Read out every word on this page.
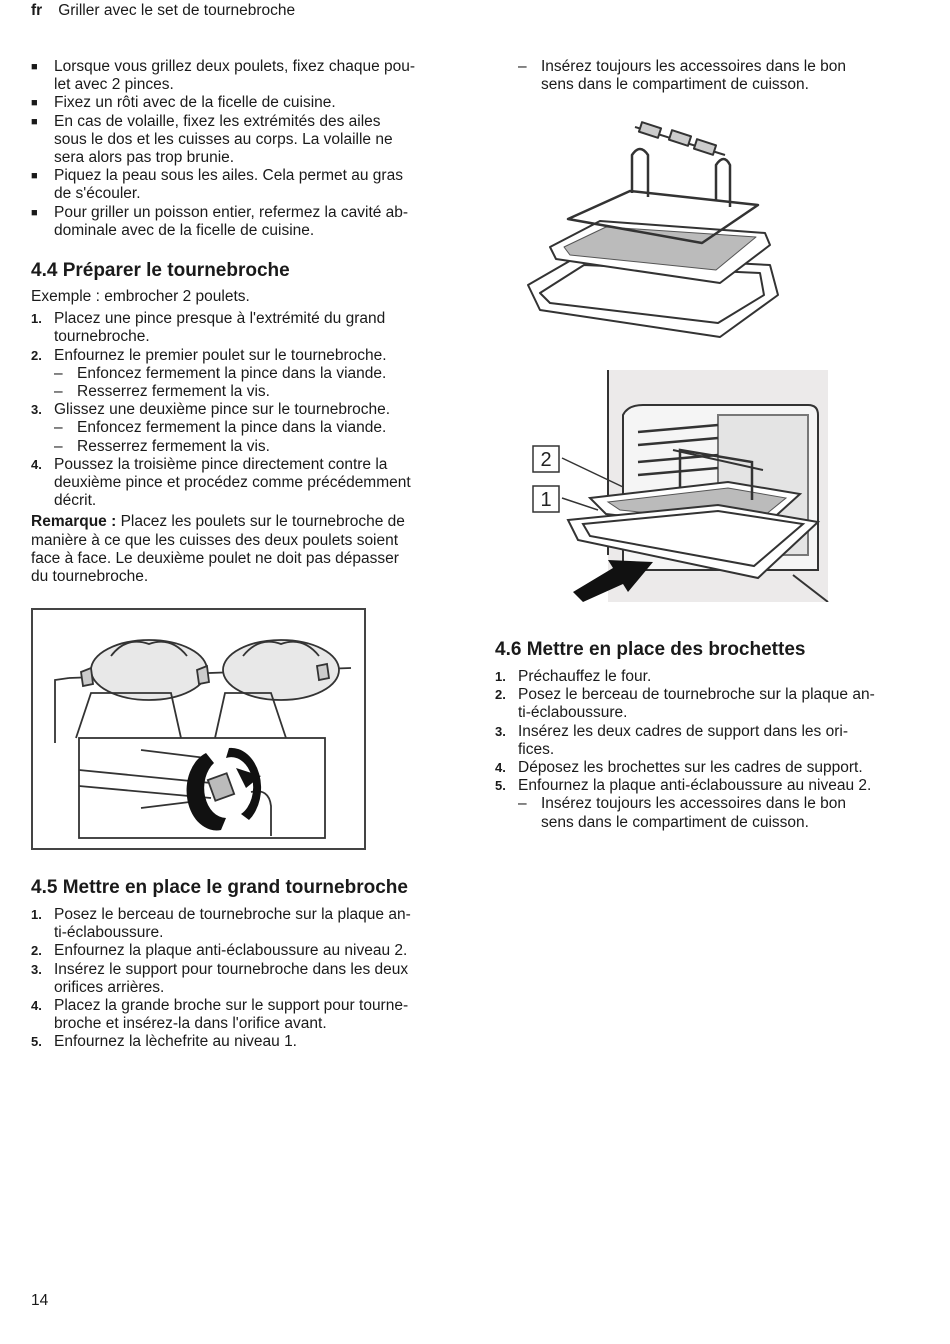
fr Griller avec le set de tournebroche
■	Lorsque vous grillez deux poulets, fixez chaque pou-
let avec 2 pinces.
■	Fixez un rôti avec de la ficelle de cuisine.
■	En cas de volaille, fixez les extrémités des ailes
sous le dos et les cuisses au corps. La volaille ne
sera alors pas trop brunie.
■	Piquez la peau sous les ailes. Cela permet au gras
de s'écouler.
■	Pour griller un poisson entier, refermez la cavité ab-
dominale avec de la ficelle de cuisine.
4.4 Préparer le tournebroche

Exemple : embrocher 2 poulets.

1. Placez une pince presque à l'extrémité du grand
tournebroche.
2. Enfournez le premier poulet sur le tournebroche.
– Enfoncez fermement la pince dans la viande.
– Resserrez fermement la vis.
3. Glissez une deuxième pince sur le tournebroche.
– Enfoncez fermement la pince dans la viande.
– Resserrez fermement la vis.
4. Poussez la troisième pince directement contre la
deuxième pince et procédez comme précédemment
décrit.

Remarque : Placez les poulets sur le tournebroche de
manière à ce que les cuisses des deux poulets soient
face à face. Le deuxième poulet ne doit pas dépasser
du tournebroche.

– Insérez toujours les accessoires dans le bon
sens dans le compartiment de cuisson.
2
1
4.6 Mettre en place des brochettes
1. Préchauffez le four.
2. Posez le berceau de tournebroche sur la plaque an-
ti-éclaboussure.
3. Insérez les deux cadres de support dans les ori-
fices.
4. Déposez les brochettes sur les cadres de support.
5. Enfournez la plaque anti-éclaboussure au niveau 2.
– Insérez toujours les accessoires dans le bon
sens dans le compartiment de cuisson.
4.5 Mettre en place le grand tournebroche
1. Posez le berceau de tournebroche sur la plaque an-
ti-éclaboussure.
2. Enfournez la plaque anti-éclaboussure au niveau 2.
3. Insérez le support pour tournebroche dans les deux
orifices arrières.
4. Placez la grande broche sur le support pour tourne-
broche et insérez-la dans l'orifice avant.
5. Enfournez la lèchefrite au niveau 1.
14
